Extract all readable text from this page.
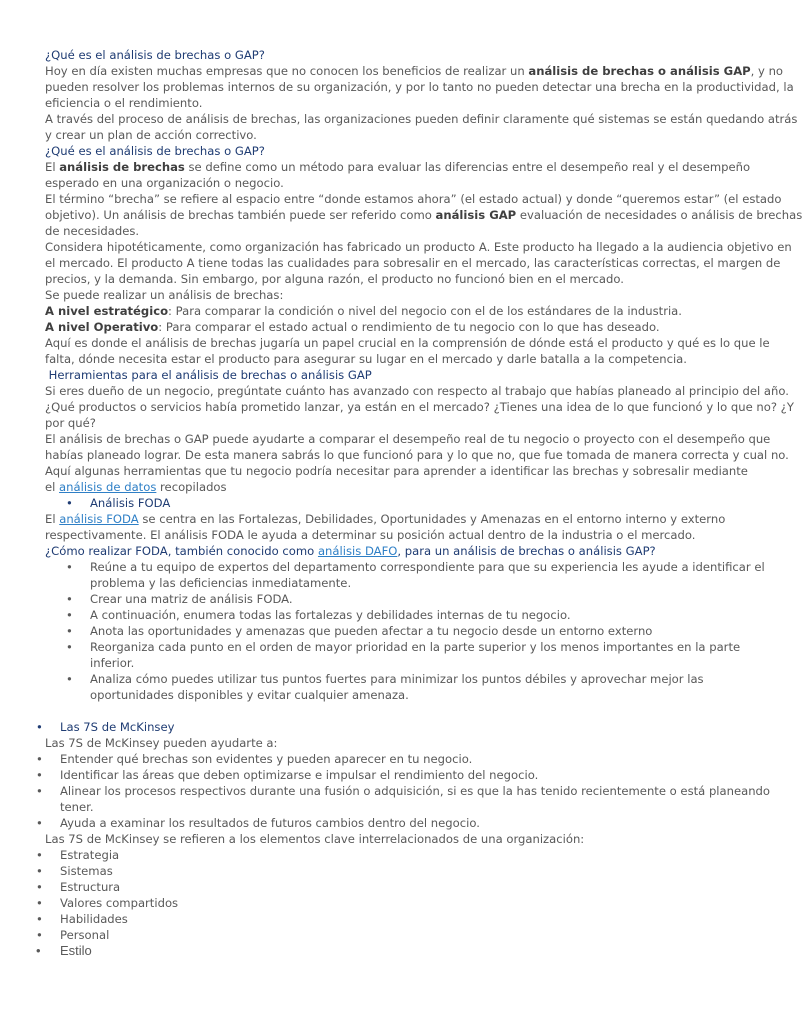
¿Qué es el análisis de brechas o GAP?
Hoy en día existen muchas empresas que no conocen los beneficios de realizar un análisis de brechas o análisis GAP, y no
pueden resolver los problemas internos de su organización, y por lo tanto no pueden detectar una brecha en la productividad, la
eficiencia o el rendimiento.
A través del proceso de análisis de brechas, las organizaciones pueden definir claramente qué sistemas se están quedando atrás
y crear un plan de acción correctivo.
¿Qué es el análisis de brechas o GAP?
El análisis de brechas se define como un método para evaluar las diferencias entre el desempeño real y el desempeño
esperado en una organización o negocio.
El término “brecha” se refiere al espacio entre “donde estamos ahora” (el estado actual) y donde “queremos estar” (el estado
objetivo). Un análisis de brechas también puede ser referido como análisis GAP evaluación de necesidades o análisis de brechas
de necesidades.
Considera hipotéticamente, como organización has fabricado un producto A. Este producto ha llegado a la audiencia objetivo en
el mercado. El producto A tiene todas las cualidades para sobresalir en el mercado, las características correctas, el margen de
precios, y la demanda. Sin embargo, por alguna razón, el producto no funcionó bien en el mercado.
Se puede realizar un análisis de brechas:
A nivel estratégico: Para comparar la condición o nivel del negocio con el de los estándares de la industria.
A nivel Operativo: Para comparar el estado actual o rendimiento de tu negocio con lo que has deseado.
Aquí es donde el análisis de brechas jugaría un papel crucial en la comprensión de dónde está el producto y qué es lo que le
falta, dónde necesita estar el producto para asegurar su lugar en el mercado y darle batalla a la competencia.
Herramientas para el análisis de brechas o análisis GAP
Si eres dueño de un negocio, pregúntate cuánto has avanzado con respecto al trabajo que habías planeado al principio del año.
¿Qué productos o servicios había prometido lanzar, ya están en el mercado? ¿Tienes una idea de lo que funcionó y lo que no? ¿Y
por qué?
El análisis de brechas o GAP puede ayudarte a comparar el desempeño real de tu negocio o proyecto con el desempeño que
habías planeado lograr. De esta manera sabrás lo que funcionó para y lo que no, que fue tomada de manera correcta y cual no.
Aquí algunas herramientas que tu negocio podría necesitar para aprender a identificar las brechas y sobresalir mediante
el análisis de datos recopilados
• Análisis FODA
El análisis FODA se centra en las Fortalezas, Debilidades, Oportunidades y Amenazas en el entorno interno y externo
respectivamente. El análisis FODA le ayuda a determinar su posición actual dentro de la industria o el mercado.
¿Cómo realizar FODA, también conocido como análisis DAFO, para un análisis de brechas o análisis GAP?
• Reúne a tu equipo de expertos del departamento correspondiente para que su experiencia les ayude a identificar el
problema y las deficiencias inmediatamente.
• Crear una matriz de análisis FODA.
• A continuación, enumera todas las fortalezas y debilidades internas de tu negocio.
• Anota las oportunidades y amenazas que pueden afectar a tu negocio desde un entorno externo
• Reorganiza cada punto en el orden de mayor prioridad en la parte superior y los menos importantes en la parte
inferior.
• Analiza cómo puedes utilizar tus puntos fuertes para minimizar los puntos débiles y aprovechar mejor las
oportunidades disponibles y evitar cualquier amenaza.
• Las 7S de McKinsey
Las 7S de McKinsey pueden ayudarte a:
• Entender qué brechas son evidentes y pueden aparecer en tu negocio.
• Identificar las áreas que deben optimizarse e impulsar el rendimiento del negocio.
• Alinear los procesos respectivos durante una fusión o adquisición, si es que la has tenido recientemente o está planeando
tener.
• Ayuda a examinar los resultados de futuros cambios dentro del negocio.
Las 7S de McKinsey se refieren a los elementos clave interrelacionados de una organización:
• Estrategia
• Sistemas
• Estructura
• Valores compartidos
• Habilidades
• Personal
• Estilo
